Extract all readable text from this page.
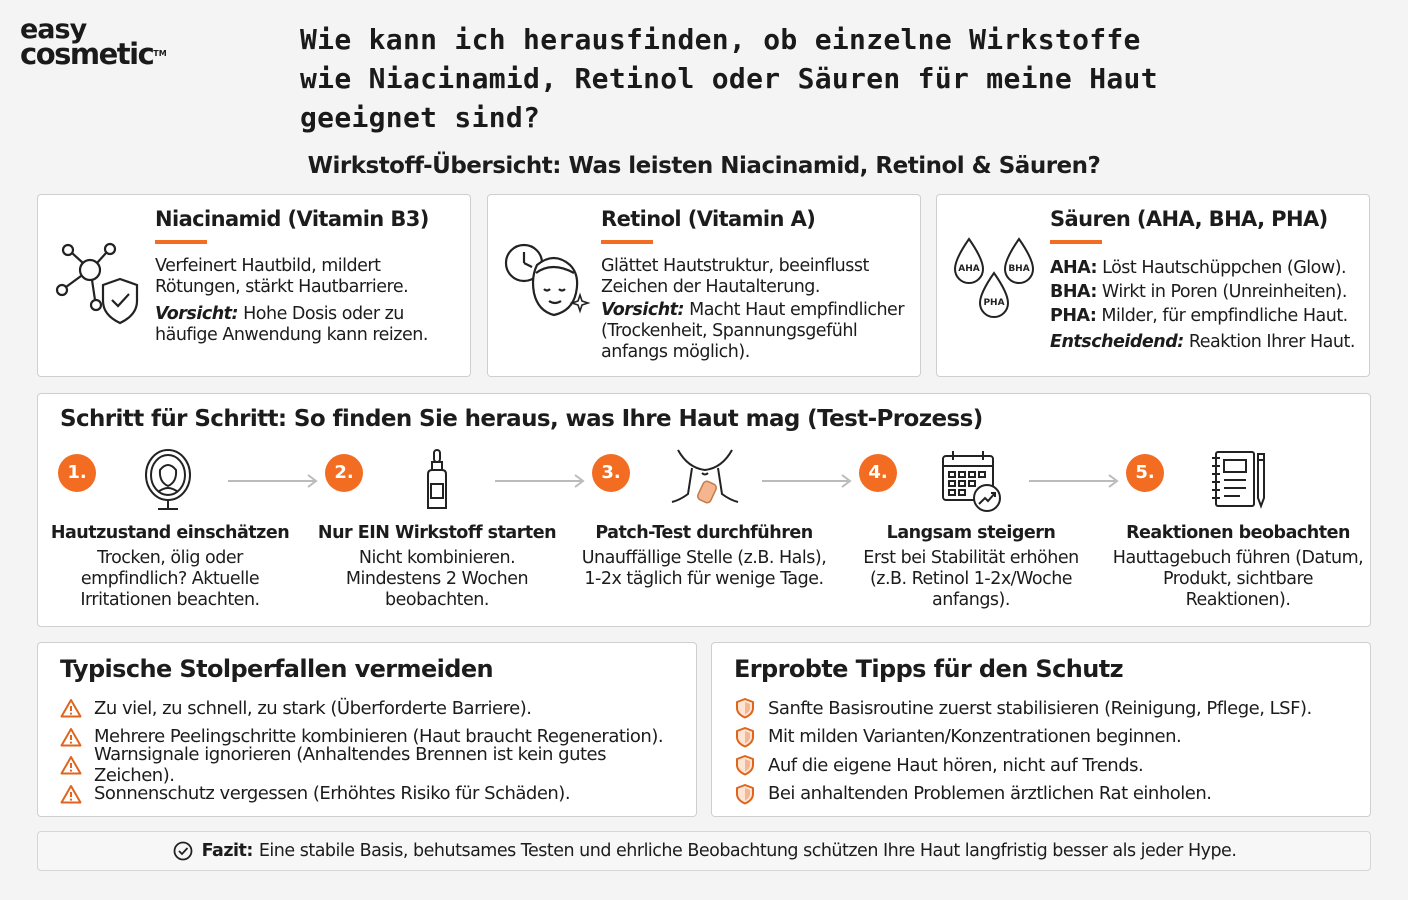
easy
cosmetic™	Wie kann ich herausfinden, ob einzelne Wirkstoffe wie Niacinamid, Retinol oder Säuren für meine Haut geeignet sind?
Wirkstoff-Übersicht: Was leisten Niacinamid, Retinol & Säuren?
Niacinamid (Vitamin B3)
Verfeinert Hautbild, mildert Rötungen, stärkt Hautbarriere.
Vorsicht: Hohe Dosis oder zu häufige Anwendung kann reizen.
Retinol (Vitamin A)
Glättet Hautstruktur, beeinflusst Zeichen der Hautalterung.
Vorsicht: Macht Haut empfindlicher (Trockenheit, Spannungsgefühl anfangs möglich).
AHA	BHA
PHA
Säuren (AHA, BHA, PHA)
AHA: Löst Hautschüppchen (Glow).
BHA: Wirkt in Poren (Unreinheiten).
PHA: Milder, für empfindliche Haut.
Entscheidend: Reaktion Ihrer Haut.
Schritt für Schritt: So finden Sie heraus, was Ihre Haut mag (Test-Prozess)
1.
Hautzustand einschätzen
Trocken, ölig oder empfindlich? Aktuelle Irritationen beachten.
2.
Nur EIN Wirkstoff starten
Nicht kombinieren. Mindestens 2 Wochen beobachten.
3.
Patch-Test durchführen
Unauffällige Stelle (z.B. Hals), 1-2x täglich für wenige Tage.
4.
Langsam steigern
Erst bei Stabilität erhöhen (z.B. Retinol 1-2x/Woche anfangs).
5.
Reaktionen beobachten
Hauttagebuch führen (Datum, Produkt, sichtbare Reaktionen).
Typische Stolperfallen vermeiden
Zu viel, zu schnell, zu stark (Überforderte Barriere).
Mehrere Peelingschritte kombinieren (Haut braucht Regeneration).
Warnsignale ignorieren (Anhaltendes Brennen ist kein gutes Zeichen).
Sonnenschutz vergessen (Erhöhtes Risiko für Schäden).
Erprobte Tipps für den Schutz
Sanfte Basisroutine zuerst stabilisieren (Reinigung, Pflege, LSF).
Mit milden Varianten/Konzentrationen beginnen.
Auf die eigene Haut hören, nicht auf Trends.
Bei anhaltenden Problemen ärztlichen Rat einholen.
Fazit: Eine stabile Basis, behutsames Testen und ehrliche Beobachtung schützen Ihre Haut langfristig besser als jeder Hype.
